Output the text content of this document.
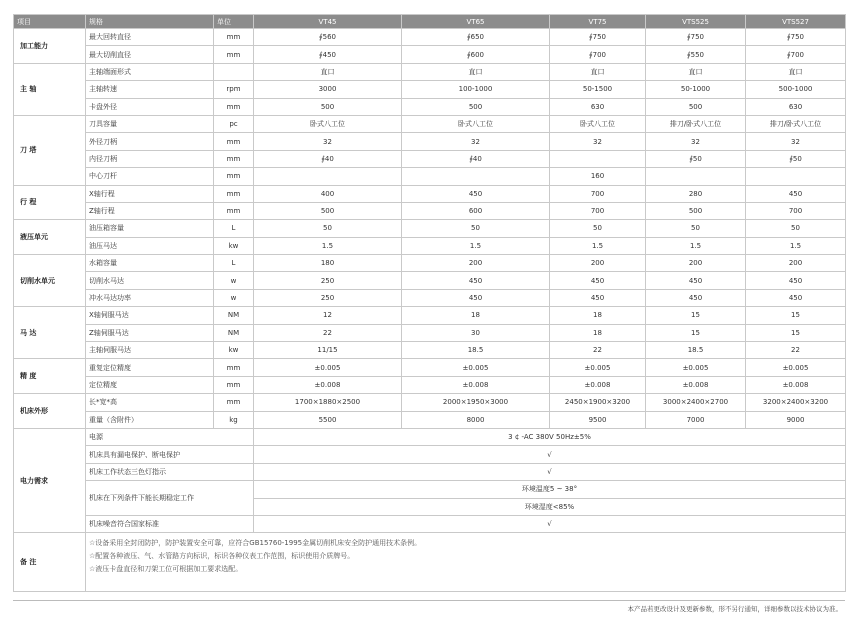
项目	规格	单位	VT45	VT65	VT75	VTS525	VTS527
加工能力	最大回转直径	mm	∮560	∮650	∮750	∮750	∮750
	最大切削直径	mm	∮450	∮600	∮700	∮550	∮700
主 轴	主轴端面形式		直口	直口	直口	直口	直口
	主轴转速	rpm	3000	100-1000	50-1500	50-1000	500-1000
	卡盘外径	mm	500	500	630	500	630
刀 塔	刀具容量	pc	卧式八工位	卧式八工位	卧式八工位	排刀/卧式八工位	排刀/卧式八工位
	外径刀柄	mm	32	32	32	32	32
	内径刀柄	mm	∮40	∮40		∮50	∮50
	中心刀杆	mm			160		
行 程	X轴行程	mm	400	450	700	280	450
	Z轴行程	mm	500	600	700	500	700
液压单元	油压箱容量	L	50	50	50	50	50
	油压马达	kw	1.5	1.5	1.5	1.5	1.5
切削水单元	水箱容量	L	180	200	200	200	200
	切削水马达	w	250	450	450	450	450
	冲水马达功率	w	250	450	450	450	450
马 达	X轴伺服马达	NM	12	18	18	15	15
	Z轴伺服马达	NM	22	30	18	15	15
	主轴伺服马达	kw	11/15	18.5	22	18.5	22
精 度	重复定位精度	mm	±0.005	±0.005	±0.005	±0.005	±0.005
	定位精度	mm	±0.008	±0.008	±0.008	±0.008	±0.008
机床外形	长*宽*高	mm	1700×1880×2500	2000×1950×3000	2450×1900×3200	3000×2400×2700	3200×2400×3200
	重量（含附件）	kg	5500	8000	9500	7000	9000
电力需求	电源		3 ¢ -AC 380V 50Hz±5%				
	机床具有漏电保护、断电保护		√				
	机床工作状态三色灯指示		√				
	机床在下列条件下能长期稳定工作		环境温度5 ~ 38°				
			环境湿度<85%				
	机床噪音符合国家标准		√				
备 注	☆设备采用全封闭防护，防护装置安全可靠，应符合GB15760-1995金属切削机床安全防护通用技术条例。
☆配置各种液压、气、水管路方向标识，标识各种仪表工作范围，标识使用介质牌号。
☆液压卡盘直径和刀架工位可根据加工要求选配。						
本产品若更改设计及更新参数，形不另行通知，详细参数以技术协议为准。
